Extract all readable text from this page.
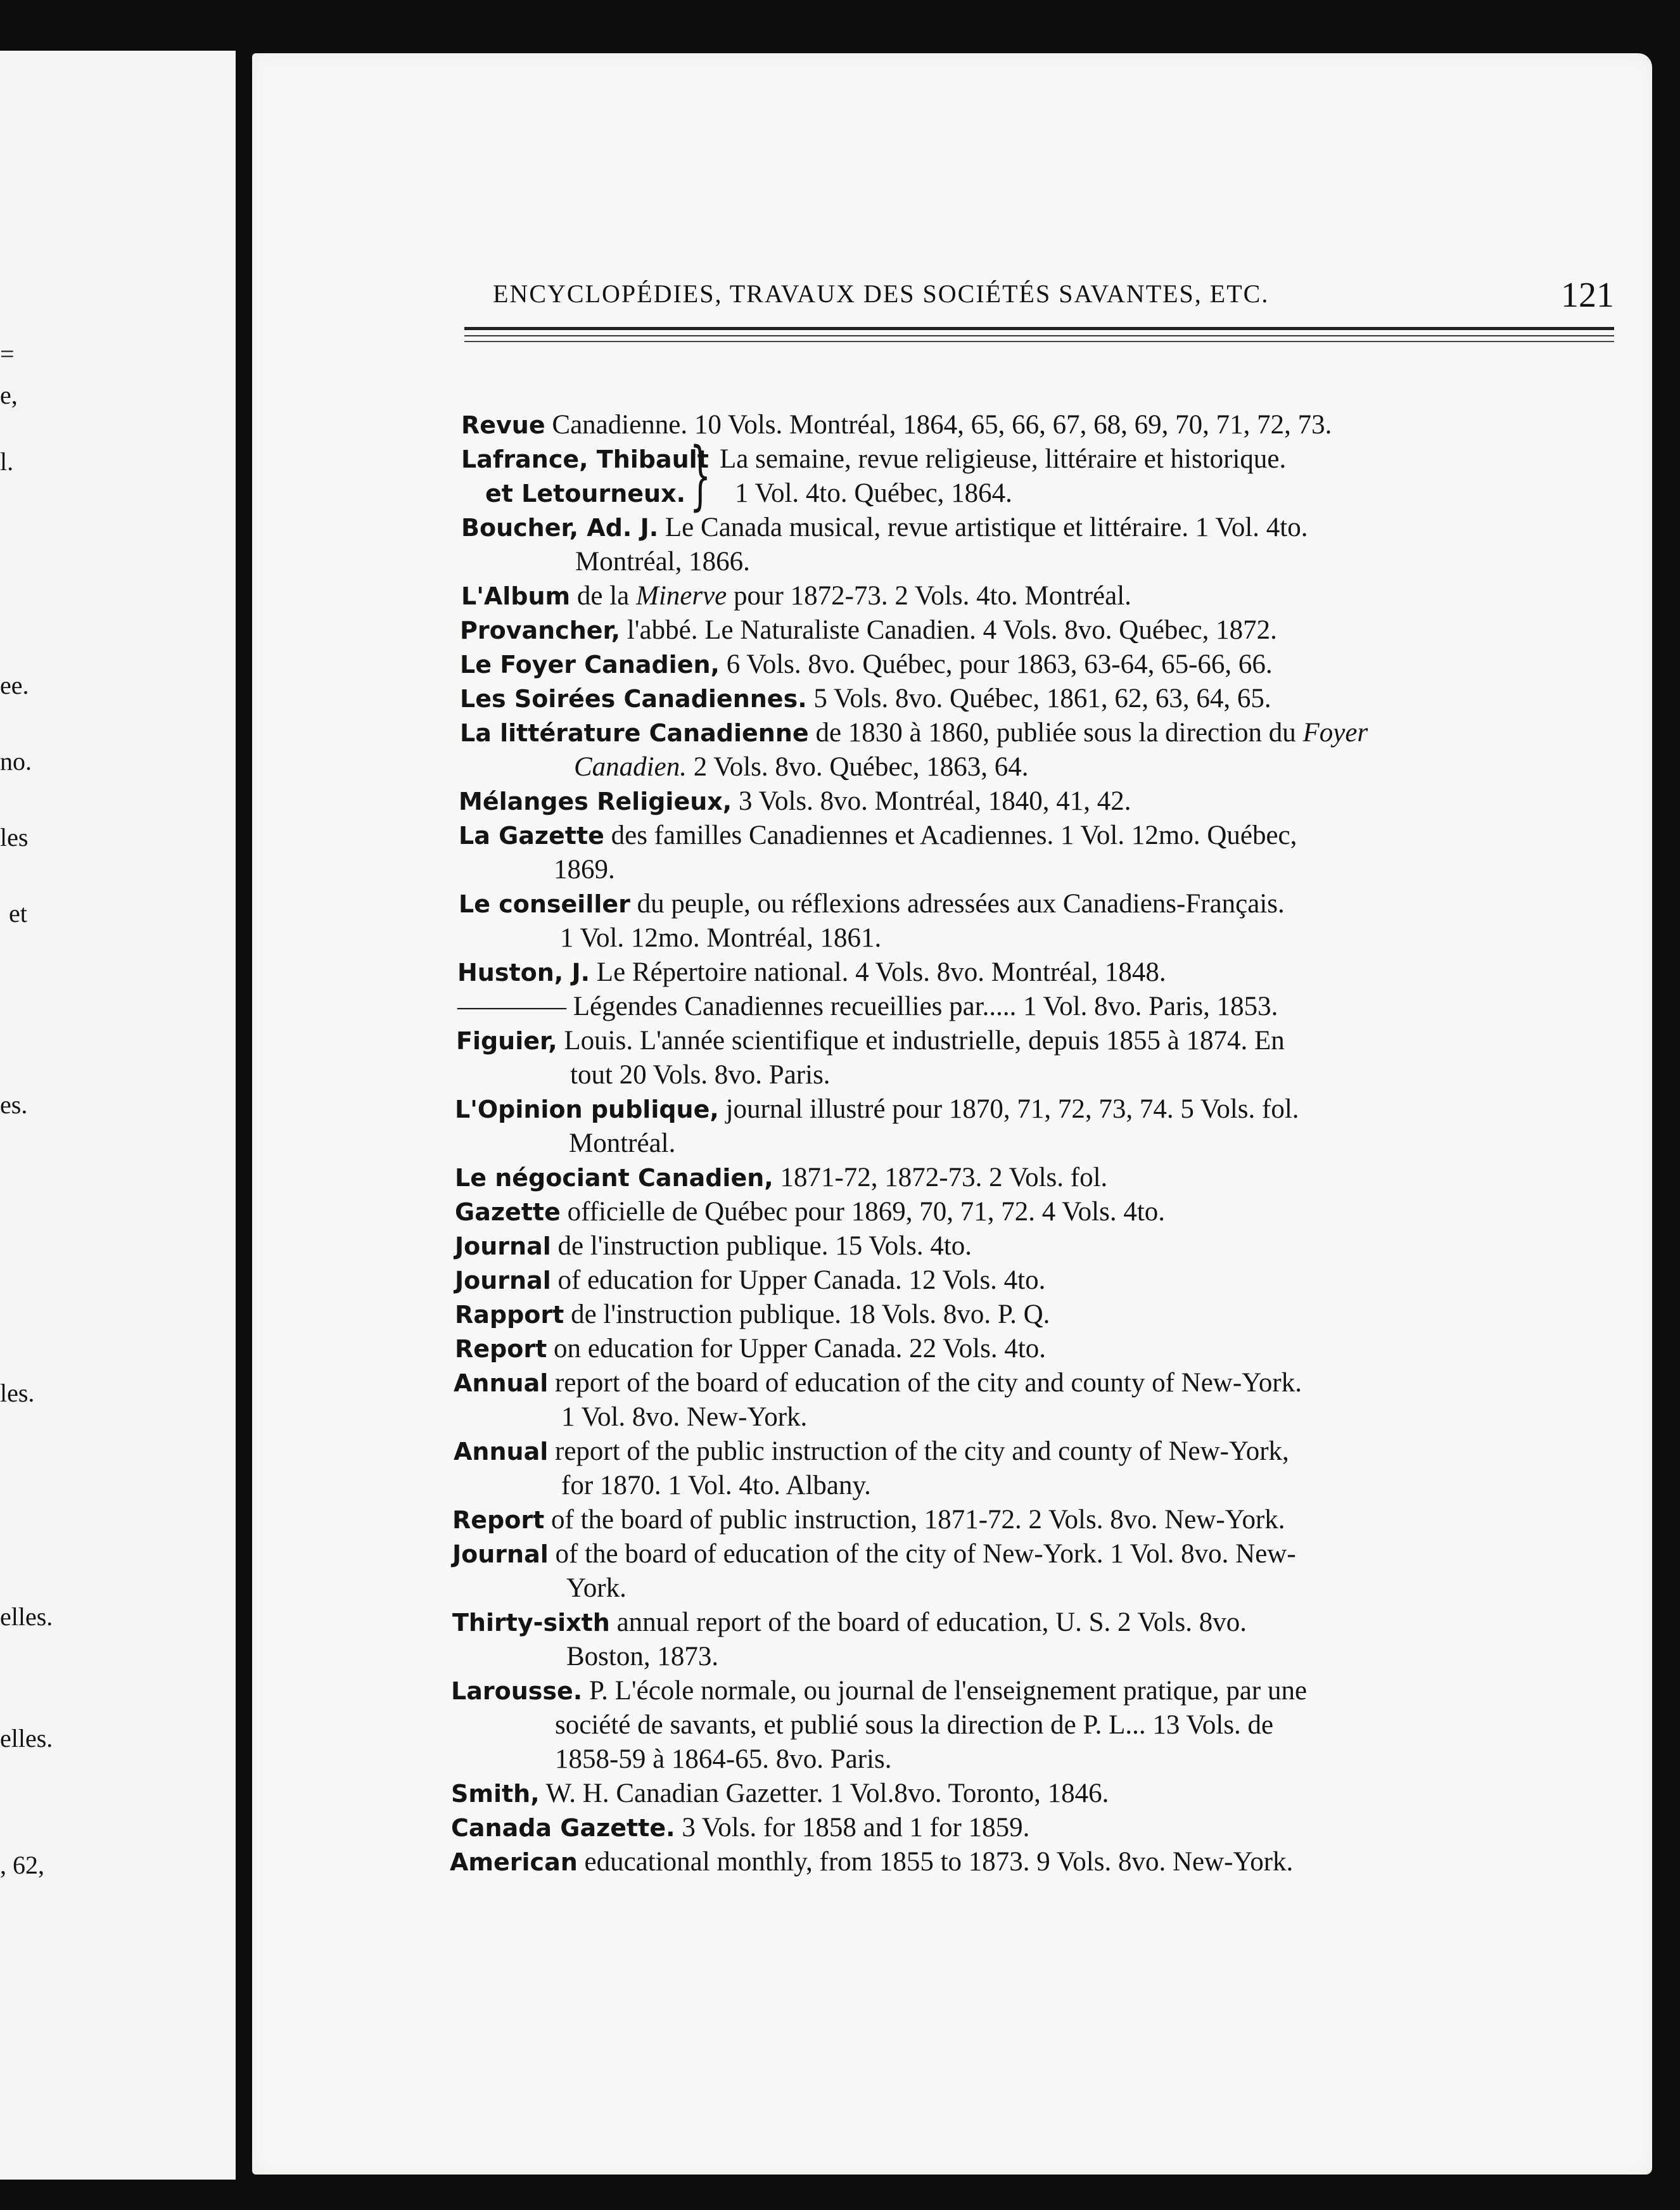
=
e,
l.
ee.
no.
les
et
es.
les.
elles.
elles.
, 62,
ENCYCLOPÉDIES, TRAVAUX DES SOCIÉTÉS SAVANTES, ETC.	121
Revue Canadienne. 10 Vols. Montréal, 1864, 65, 66, 67, 68, 69, 70, 71, 72, 73.
Lafrance, Thibault
et Letourneux. } La semaine, revue religieuse, littéraire et historique.
1 Vol. 4to. Québec, 1864.
Boucher, Ad. J. Le Canada musical, revue artistique et littéraire. 1 Vol. 4to.
Montréal, 1866.
L'Album de la Minerve pour 1872-73. 2 Vols. 4to. Montréal.
Provancher, l'abbé. Le Naturaliste Canadien. 4 Vols. 8vo. Québec, 1872.
Le Foyer Canadien, 6 Vols. 8vo. Québec, pour 1863, 63-64, 65-66, 66.
Les Soirées Canadiennes. 5 Vols. 8vo. Québec, 1861, 62, 63, 64, 65.
La littérature Canadienne de 1830 à 1860, publiée sous la direction du Foyer
Canadien. 2 Vols. 8vo. Québec, 1863, 64.
Mélanges Religieux, 3 Vols. 8vo. Montréal, 1840, 41, 42.
La Gazette des familles Canadiennes et Acadiennes. 1 Vol. 12mo. Québec,
1869.
Le conseiller du peuple, ou réflexions adressées aux Canadiens-Français.
1 Vol. 12mo. Montréal, 1861.
Huston, J. Le Répertoire national. 4 Vols. 8vo. Montréal, 1848.
———— Légendes Canadiennes recueillies par..... 1 Vol. 8vo. Paris, 1853.
Figuier, Louis. L'année scientifique et industrielle, depuis 1855 à 1874. En
tout 20 Vols. 8vo. Paris.
L'Opinion publique, journal illustré pour 1870, 71, 72, 73, 74. 5 Vols. fol.
Montréal.
Le négociant Canadien, 1871-72, 1872-73. 2 Vols. fol.
Gazette officielle de Québec pour 1869, 70, 71, 72. 4 Vols. 4to.
Journal de l'instruction publique. 15 Vols. 4to.
Journal of education for Upper Canada. 12 Vols. 4to.
Rapport de l'instruction publique. 18 Vols. 8vo. P. Q.
Report on education for Upper Canada. 22 Vols. 4to.
Annual report of the board of education of the city and county of New-York.
1 Vol. 8vo. New-York.
Annual report of the public instruction of the city and county of New-York,
for 1870. 1 Vol. 4to. Albany.
Report of the board of public instruction, 1871-72. 2 Vols. 8vo. New-York.
Journal of the board of education of the city of New-York. 1 Vol. 8vo. New-
York.
Thirty-sixth annual report of the board of education, U. S. 2 Vols. 8vo.
Boston, 1873.
Larousse. P. L'école normale, ou journal de l'enseignement pratique, par une
société de savants, et publié sous la direction de P. L... 13 Vols. de
1858-59 à 1864-65. 8vo. Paris.
Smith, W. H. Canadian Gazetter. 1 Vol.8vo. Toronto, 1846.
Canada Gazette. 3 Vols. for 1858 and 1 for 1859.
American educational monthly, from 1855 to 1873. 9 Vols. 8vo. New-York.
